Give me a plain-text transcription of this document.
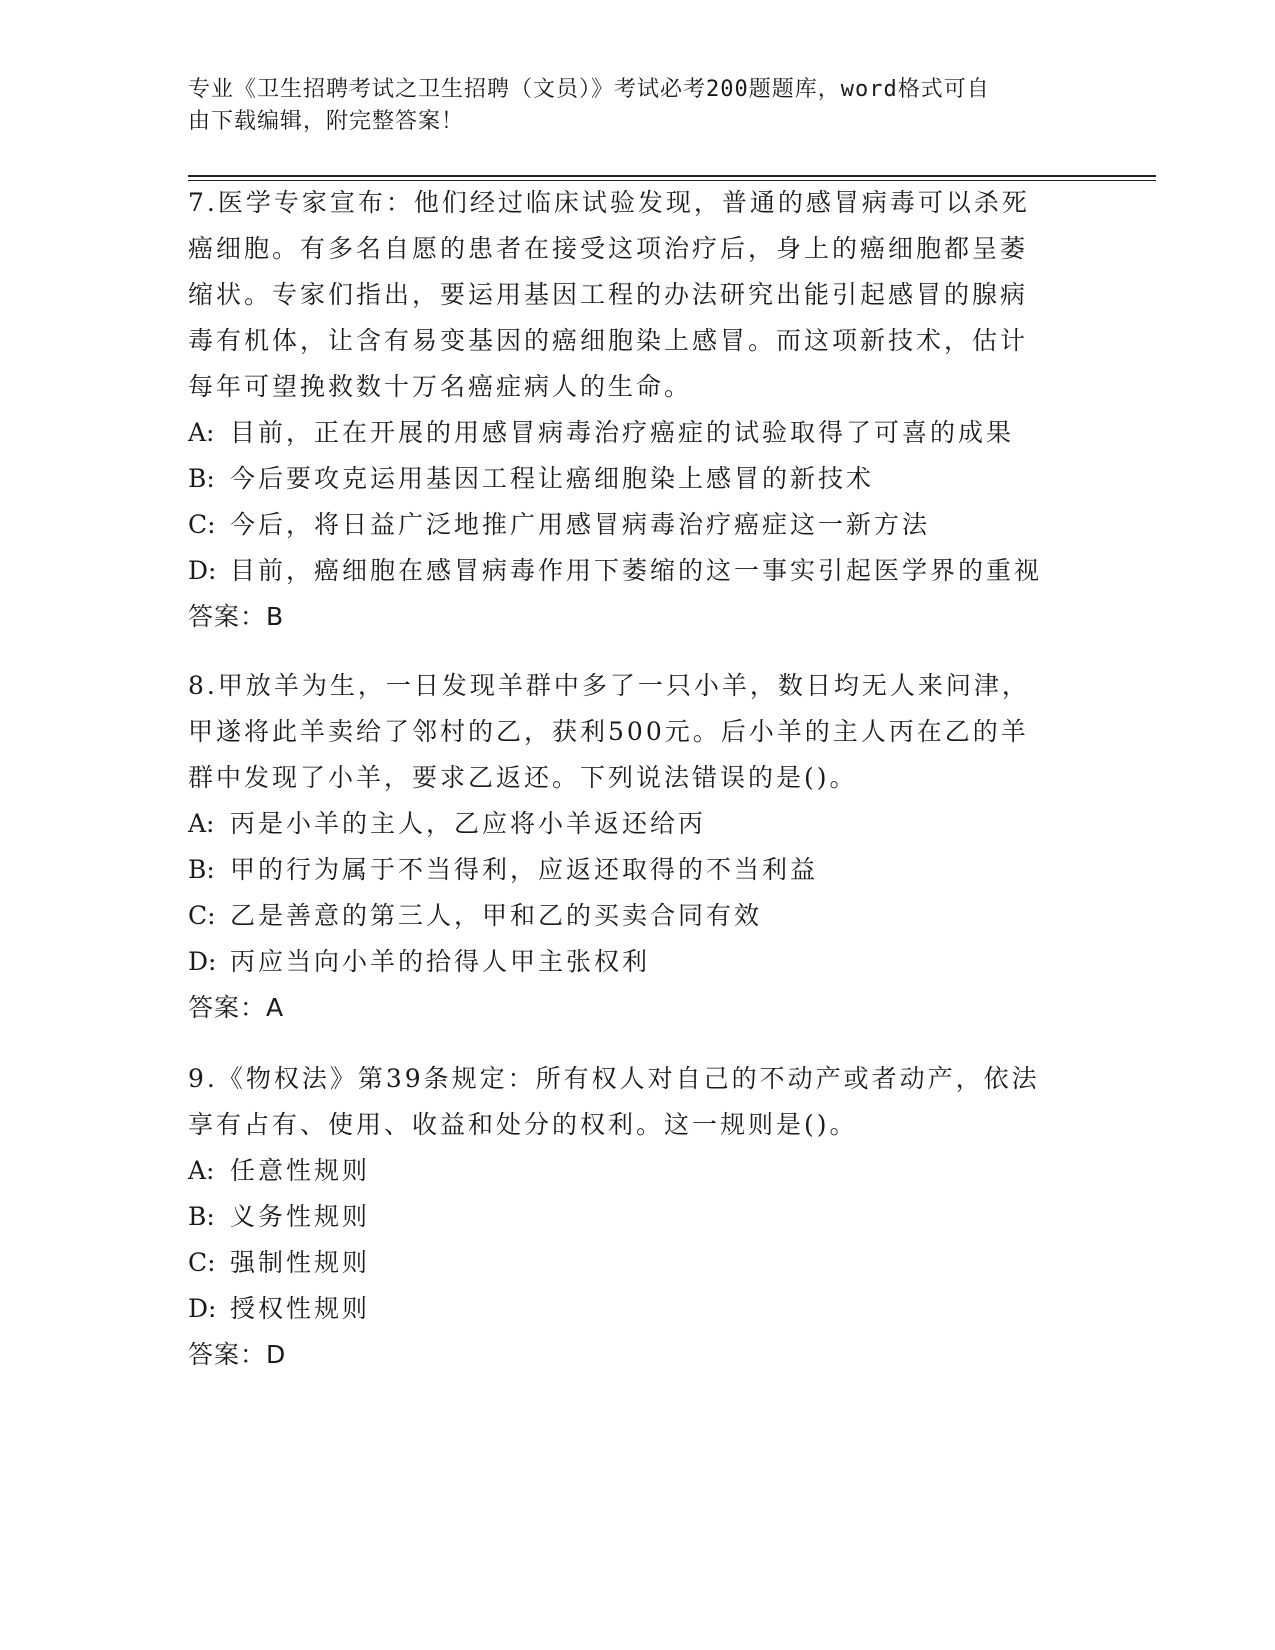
专业《卫生招聘考试之卫生招聘（文员）》考试必考200题题库，word格式可自
由下载编辑，附完整答案！
7.医学专家宣布：他们经过临床试验发现，普通的感冒病毒可以杀死
癌细胞。有多名自愿的患者在接受这项治疗后，身上的癌细胞都呈萎
缩状。专家们指出，要运用基因工程的办法研究出能引起感冒的腺病
毒有机体，让含有易变基因的癌细胞染上感冒。而这项新技术，估计
每年可望挽救数十万名癌症病人的生命。
A: 目前，正在开展的用感冒病毒治疗癌症的试验取得了可喜的成果
B: 今后要攻克运用基因工程让癌细胞染上感冒的新技术
C: 今后，将日益广泛地推广用感冒病毒治疗癌症这一新方法
D: 目前，癌细胞在感冒病毒作用下萎缩的这一事实引起医学界的重视
答案：B
8.甲放羊为生，一日发现羊群中多了一只小羊，数日均无人来问津，
甲遂将此羊卖给了邻村的乙，获利500元。后小羊的主人丙在乙的羊
群中发现了小羊，要求乙返还。下列说法错误的是()。
A: 丙是小羊的主人，乙应将小羊返还给丙
B: 甲的行为属于不当得利，应返还取得的不当利益
C: 乙是善意的第三人，甲和乙的买卖合同有效
D: 丙应当向小羊的拾得人甲主张权利
答案：A
9.《物权法》第39条规定：所有权人对自己的不动产或者动产，依法
享有占有、使用、收益和处分的权利。这一规则是()。
A: 任意性规则
B: 义务性规则
C: 强制性规则
D: 授权性规则
答案：D
